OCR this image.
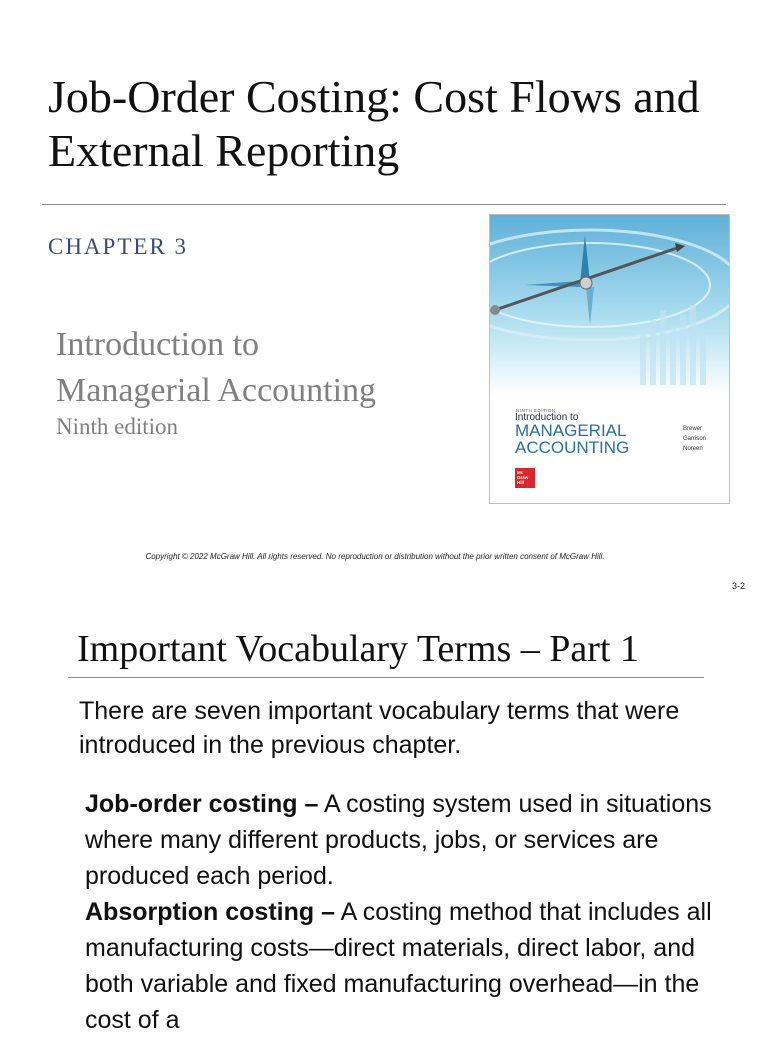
Job-Order Costing: Cost Flows and External Reporting
CHAPTER 3
Introduction to
Managerial Accounting
Ninth edition
NINTH EDITION
Introduction to
MANAGERIAL
ACCOUNTING
Brewer
Garrison
Noreen
Mc
Graw
Hill
Copyright © 2022 McGraw Hill. All rights reserved. No reproduction or distribution without the prior written consent of McGraw Hill.
3-2
Important Vocabulary Terms – Part 1
There are seven important vocabulary terms that were introduced in the previous chapter.

Job-order costing – A costing system used in situations where many different products, jobs, or services are produced each period.

Absorption costing – A costing method that includes all manufacturing costs—direct materials, direct labor, and both variable and fixed manufacturing overhead—in the cost of a
